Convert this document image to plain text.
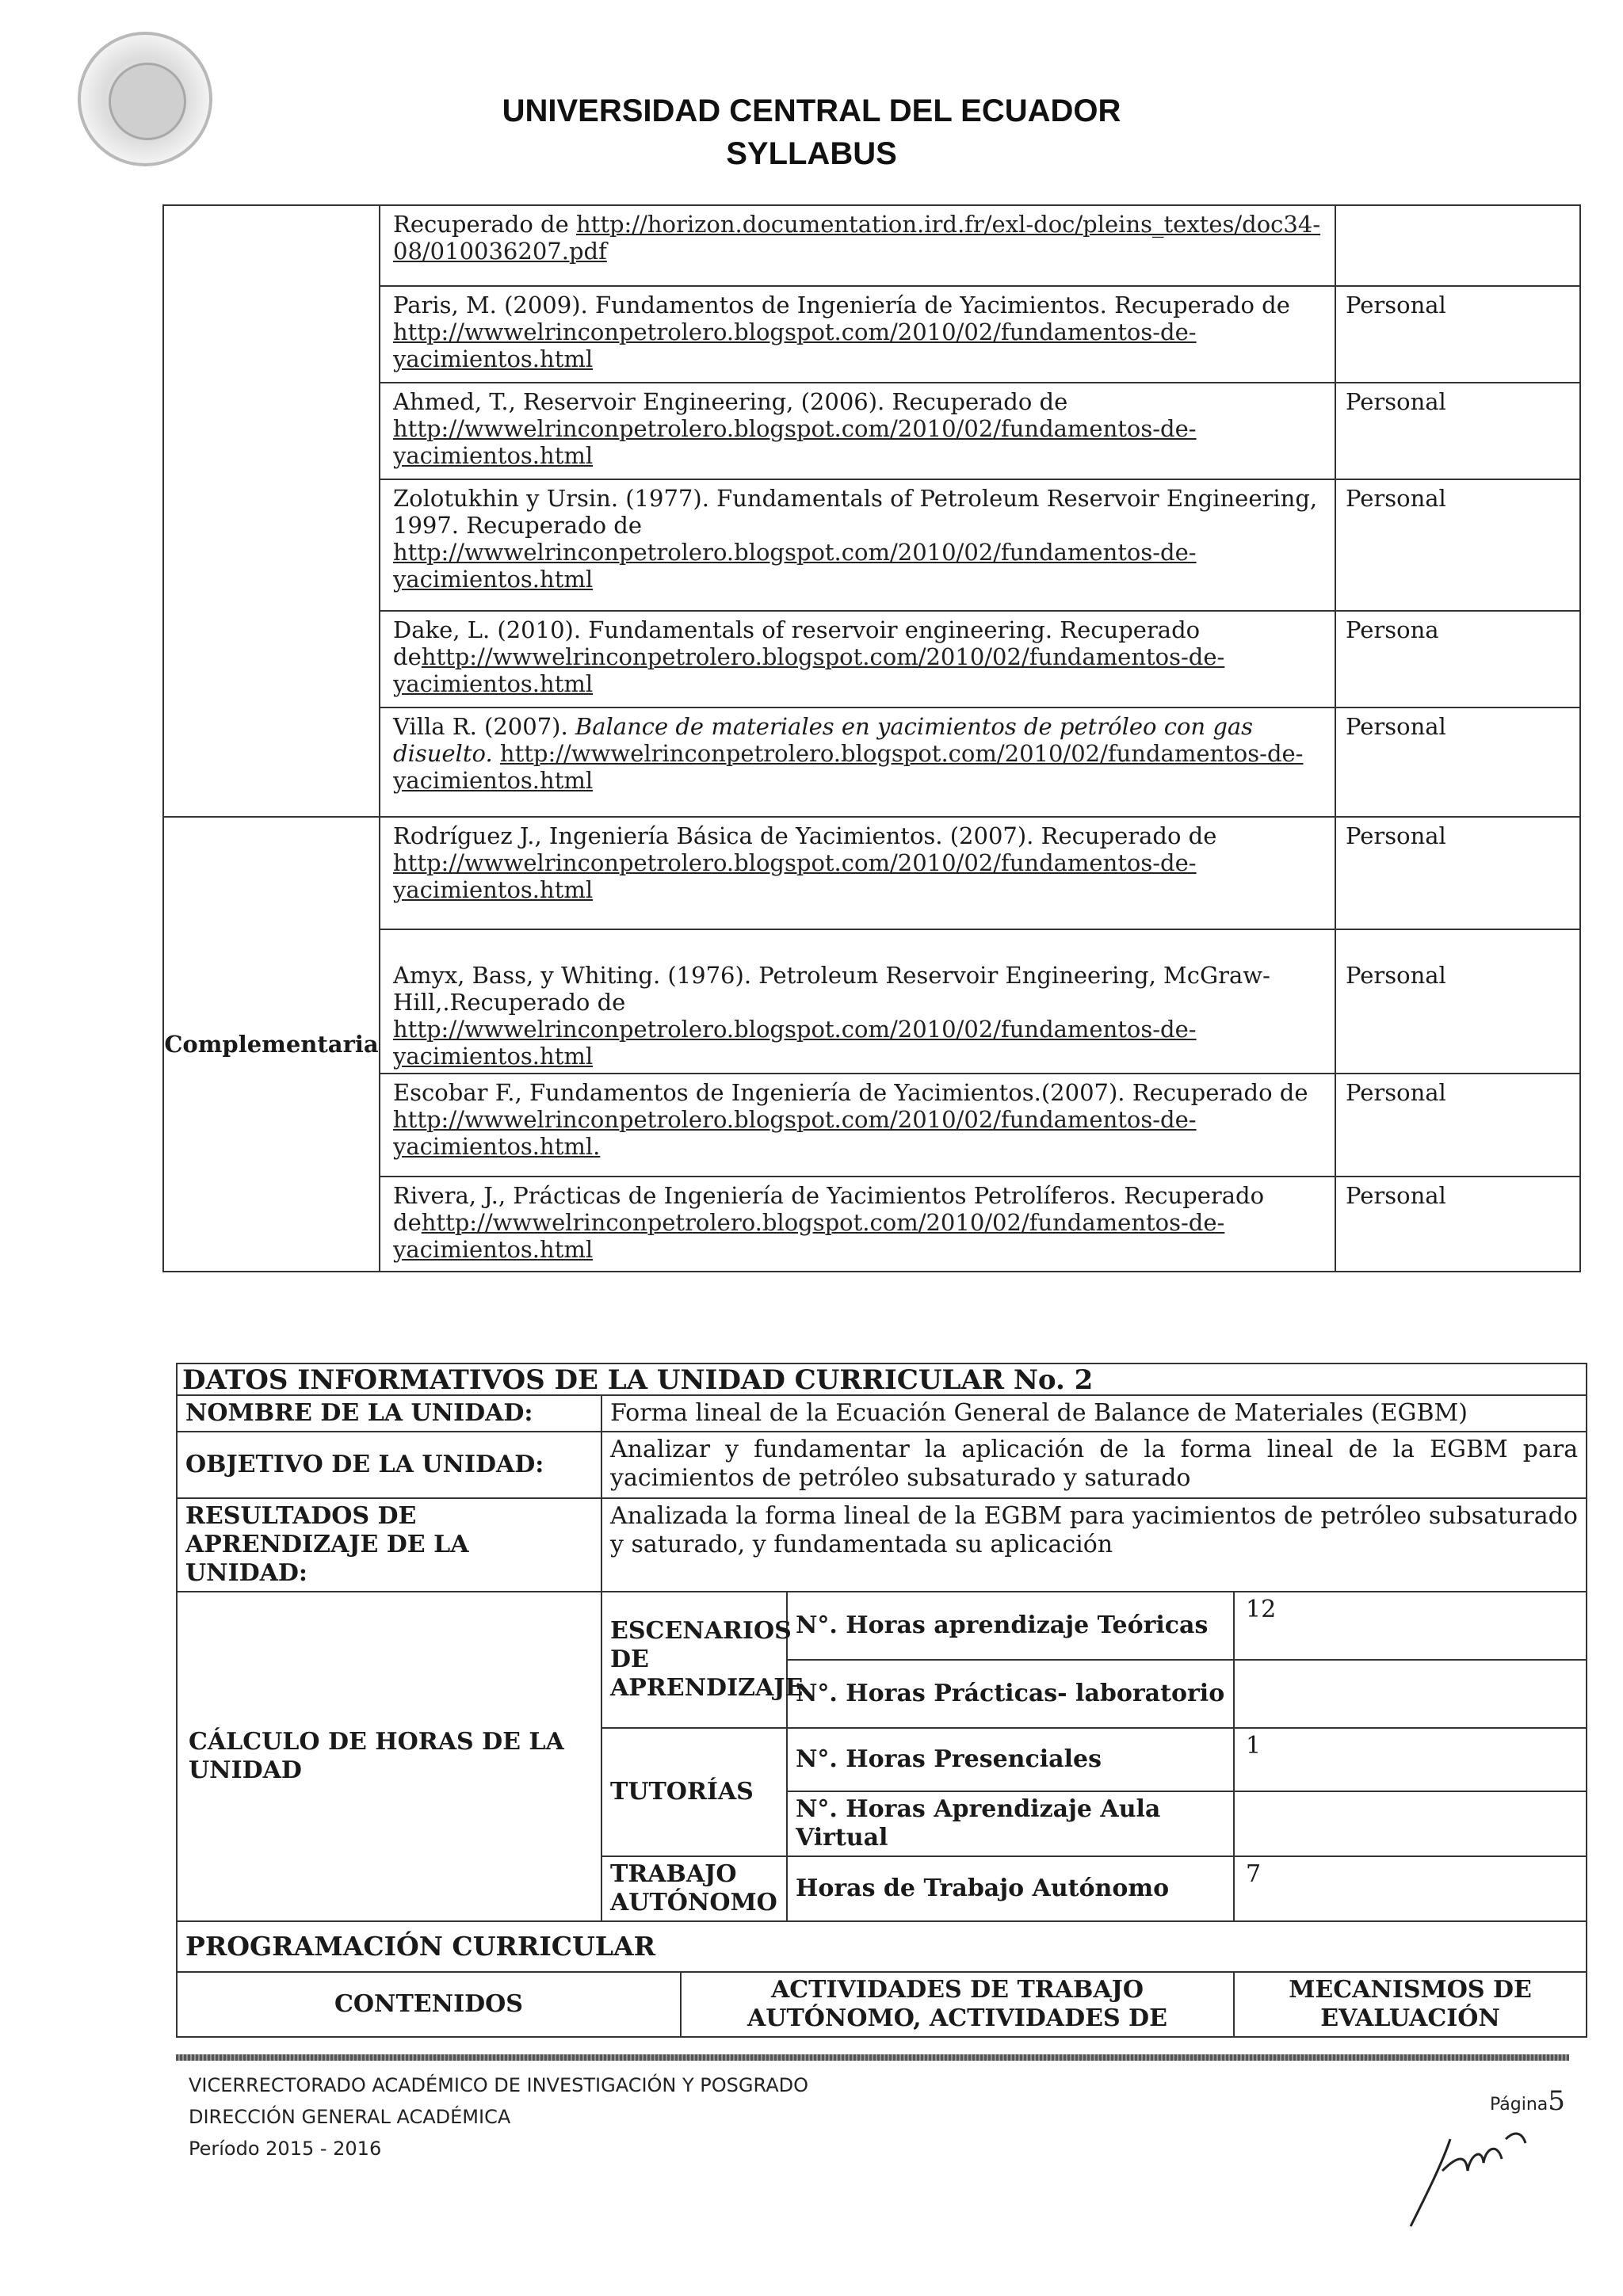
UNIVERSIDAD CENTRAL DEL ECUADOR
SYLLABUS
	Recuperado de http://horizon.documentation.ird.fr/exl-doc/pleins_textes/doc34-08/010036207.pdf	
	Paris, M. (2009). Fundamentos de Ingeniería de Yacimientos. Recuperado de http://wwwelrinconpetrolero.blogspot.com/2010/02/fundamentos-de-yacimientos.html	Personal
	Ahmed, T., Reservoir Engineering, (2006). Recuperado de http://wwwelrinconpetrolero.blogspot.com/2010/02/fundamentos-de-yacimientos.html	Personal
	Zolotukhin y Ursin. (1977). Fundamentals of Petroleum Reservoir Engineering, 1997. Recuperado de http://wwwelrinconpetrolero.blogspot.com/2010/02/fundamentos-de-yacimientos.html	Personal
	Dake, L. (2010). Fundamentals of reservoir engineering. Recuperado dehttp://wwwelrinconpetrolero.blogspot.com/2010/02/fundamentos-de-yacimientos.html	Persona
	Villa R. (2007). Balance de materiales en yacimientos de petróleo con gas disuelto. http://wwwelrinconpetrolero.blogspot.com/2010/02/fundamentos-de-yacimientos.html	Personal
Complementaria	Rodríguez J., Ingeniería Básica de Yacimientos. (2007). Recuperado de http://wwwelrinconpetrolero.blogspot.com/2010/02/fundamentos-de-yacimientos.html	Personal
	Amyx, Bass, y Whiting. (1976). Petroleum Reservoir Engineering, McGraw-Hill,.Recuperado de http://wwwelrinconpetrolero.blogspot.com/2010/02/fundamentos-de-yacimientos.html	Personal
	Escobar F., Fundamentos de Ingeniería de Yacimientos.(2007). Recuperado de http://wwwelrinconpetrolero.blogspot.com/2010/02/fundamentos-de-yacimientos.html.	Personal
	Rivera, J., Prácticas de Ingeniería de Yacimientos Petrolíferos. Recuperado dehttp://wwwelrinconpetrolero.blogspot.com/2010/02/fundamentos-de-yacimientos.html	Personal
DATOS INFORMATIVOS DE LA UNIDAD CURRICULAR No. 2				
NOMBRE DE LA UNIDAD:	Forma lineal de la Ecuación General de Balance de Materiales (EGBM)			
OBJETIVO DE LA UNIDAD:	Analizar y fundamentar la aplicación de la forma lineal de la EGBM para yacimientos de petróleo subsaturado y saturado			
RESULTADOS DE APRENDIZAJE DE LA UNIDAD:	Analizada la forma lineal de la EGBM para yacimientos de petróleo subsaturado y saturado, y fundamentada su aplicación			
CÁLCULO DE HORAS DE LA UNIDAD	ESCENARIOS DE APRENDIZAJE		N°. Horas aprendizaje Teóricas	12
			N°. Horas Prácticas- laboratorio	
	TUTORÍAS		N°. Horas Presenciales	1
			N°. Horas Aprendizaje Aula Virtual	
	TRABAJO AUTÓNOMO		Horas de Trabajo Autónomo	7
PROGRAMACIÓN CURRICULAR				
CONTENIDOS		ACTIVIDADES DE TRABAJO AUTÓNOMO, ACTIVIDADES DE		MECANISMOS DE EVALUACIÓN
VICERRECTORADO ACADÉMICO DE INVESTIGACIÓN Y POSGRADO
DIRECCIÓN GENERAL ACADÉMICA
Período 2015 - 2016
Página5
